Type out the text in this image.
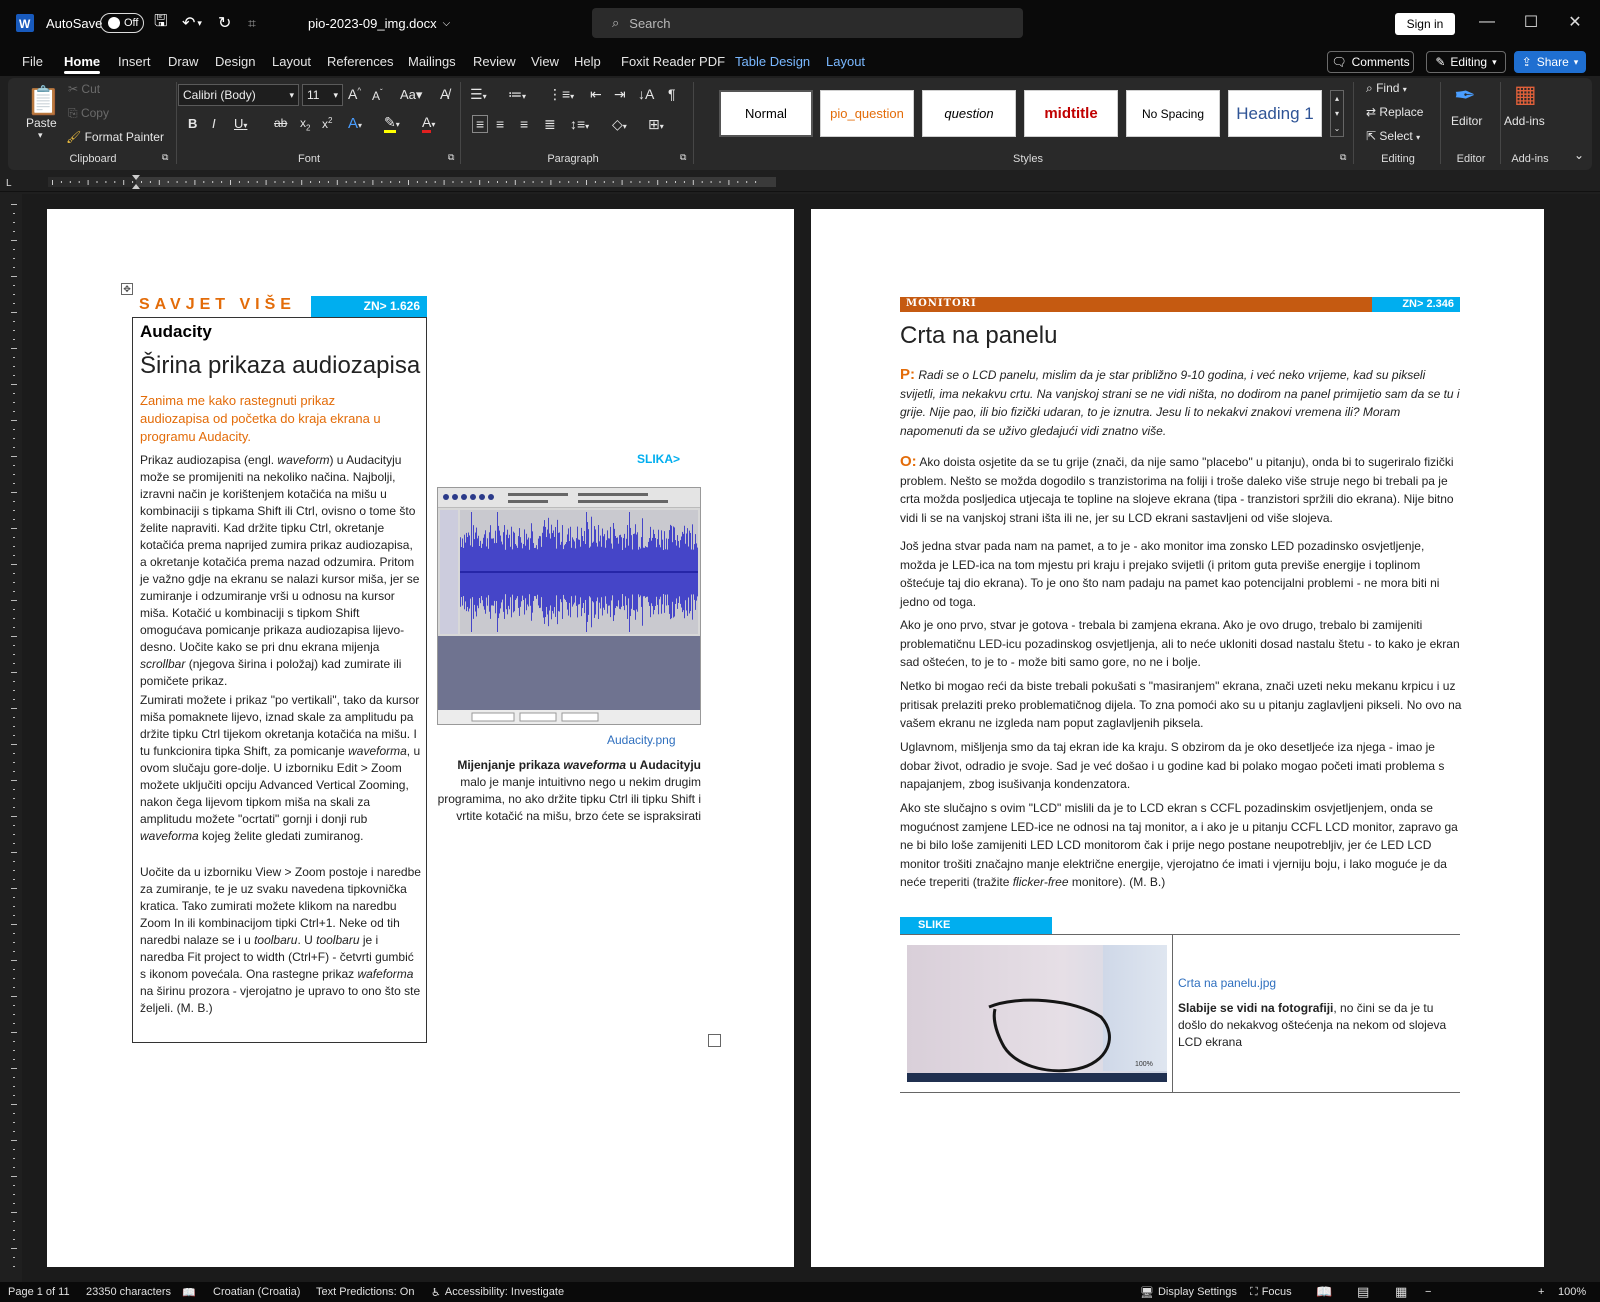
W AutoSave Off 🖫 ↶ ▾ ↻ ⌗	pio-2023-09_img.docx ⌵	⌕ Search	Sign in	— ☐ ✕
File Home Insert Draw Design Layout References Mailings Review View Help Foxit Reader PDF Table Design Layout	🗨 Comments ✎ Editing ▾ ⇪ Share ▾
📋
Paste
▾
✂ Cut
⎘ Copy
🖌 Format Painter
Clipboard	⧉
Calibri (Body)	▾ 11 ▾ A^ $A^ˇ$ Aa▾ A̸
B I U▾ ab $x_2$ $x^2$ A▾ ✎▾ A▾
Font	⧉
☰▾ ≔▾ ⋮≡▾ ⇤ ⇥ ↓A ¶
≡ ≡ ≡ ≣ ↕≡▾ ◇▾ ⊞▾
Paragraph	⧉
Normal	pio_question	question	midtitle	No Spacing	Heading 1
▴
▾
⌄
Styles	⧉
⌕ Find ▾
⇄ Replace
⇱ Select ▾
Editing
✒
Editor
Editor
▦
Add-ins
Add-ins	⌄
L
✥
SAVJET VIŠE	ZN> 1.626
Audacity
Širina prikaza audiozapisa
Zanima me kako rastegnuti prikaz audiozapisa od početka do kraja ekrana u programu Audacity.
Prikaz audiozapisa (engl. waveform) u Audacityju može se promijeniti na nekoliko načina. Najbolji, izravni način je korištenjem kotačića na mišu u kombinaciji s tipkama Shift ili Ctrl, ovisno o tome što želite napraviti. Kad držite tipku Ctrl, okretanje kotačića prema naprijed zumira prikaz audiozapisa, a okretanje kotačića prema nazad odzumira. Pritom je važno gdje na ekranu se nalazi kursor miša, jer se zumiranje i odzumiranje vrši u odnosu na kursor miša. Kotačić u kombinaciji s tipkom Shift omogućava pomicanje prikaza audiozapisa lijevo-desno. Uočite kako se pri dnu ekrana mijenja scrollbar (njegova širina i položaj) kad zumirate ili pomičete prikaz.
Zumirati možete i prikaz "po vertikali", tako da kursor miša pomaknete lijevo, iznad skale za amplitudu pa držite tipku Ctrl tijekom okretanja kotačića na mišu. I tu funkcionira tipka Shift, za pomicanje waveforma, u ovom slučaju gore-dolje. U izborniku Edit > Zoom možete uključiti opciju Advanced Vertical Zooming, nakon čega lijevom tipkom miša na skali za amplitudu možete "ocrtati" gornji i donji rub waveforma kojeg želite gledati zumiranog.
Uočite da u izborniku View > Zoom postoje i naredbe za zumiranje, te je uz svaku navedena tipkovnička kratica. Tako zumirati možete klikom na naredbu Zoom In ili kombinacijom tipki Ctrl+1. Neke od tih naredbi nalaze se i u toolbaru. U toolbaru je i naredba Fit project to width (Ctrl+F) - četvrti gumbić s ikonom povećala. Ona rastegne prikaz wafeforma na širinu prozora - vjerojatno je upravo to ono što ste željeli. (M. B.)
SLIKA>
Audacity.png
Mijenjanje prikaza waveforma u Audacityju malo je manje intuitivno nego u nekim drugim programima, no ako držite tipku Ctrl ili tipku Shift i vrtite kotačić na mišu, brzo ćete se ispraksirati
MONITORI	ZN> 2.346
Crta na panelu
P: Radi se o LCD panelu, mislim da je star približno 9-10 godina, i već neko vrijeme, kad su pikseli svijetli, ima nekakvu crtu. Na vanjskoj strani se ne vidi ništa, no dodirom na panel primijetio sam da se tu i grije. Nije pao, ili bio fizički udaran, to je iznutra. Jesu li to nekakvi znakovi vremena ili? Moram napomenuti da se uživo gledajući vidi znatno više.
O: Ako doista osjetite da se tu grije (znači, da nije samo "placebo" u pitanju), onda bi to sugeriralo fizički problem. Nešto se možda dogodilo s tranzistorima na foliji i troše daleko više struje nego bi trebali pa je crta možda posljedica utjecaja te topline na slojeve ekrana (tipa - tranzistori spržili dio ekrana). Nije bitno vidi li se na vanjskoj strani išta ili ne, jer su LCD ekrani sastavljeni od više slojeva.
Još jedna stvar pada nam na pamet, a to je - ako monitor ima zonsko LED pozadinsko osvjetljenje, možda je LED-ica na tom mjestu pri kraju i prejako svijetli (i pritom guta previše energije i toplinom oštećuje taj dio ekrana). To je ono što nam padaju na pamet kao potencijalni problemi - ne mora biti ni jedno od toga.
Ako je ono prvo, stvar je gotova - trebala bi zamjena ekrana. Ako je ovo drugo, trebalo bi zamijeniti problematičnu LED-icu pozadinskog osvjetljenja, ali to neće ukloniti dosad nastalu štetu - to kako je ekran sad oštećen, to je to - može biti samo gore, no ne i bolje.
Netko bi mogao reći da biste trebali pokušati s "masiranjem" ekrana, znači uzeti neku mekanu krpicu i uz pritisak prelaziti preko problematičnog dijela. To zna pomoći ako su u pitanju zaglavljeni pikseli. No ovo na vašem ekranu ne izgleda nam poput zaglavljenih piksela.
Uglavnom, mišljenja smo da taj ekran ide ka kraju. S obzirom da je oko desetljeće iza njega - imao je dobar život, odradio je svoje. Sad je već došao i u godine kad bi polako mogao početi imati problema s napajanjem, zbog isušivanja kondenzatora.
Ako ste slučajno s ovim "LCD" mislili da je to LCD ekran s CCFL pozadinskim osvjetljenjem, onda se mogućnost zamjene LED-ice ne odnosi na taj monitor, a i ako je u pitanju CCFL LCD monitor, zapravo ga ne bi bilo loše zamijeniti LED LCD monitorom čak i prije nego postane neupotrebljiv, jer će LED LCD monitor trošiti značajno manje električne energije, vjerojatno će imati i vjerniju boju, i lako moguće je da neće treperiti (tražite flicker-free monitore). (M. B.)
SLIKE
100%
Crta na panelu.jpg
Slabije se vidi na fotografiji, no čini se da je tu došlo do nekakvog oštećenja na nekom od slojeva LCD ekrana
Page 1 of 11 23350 characters 📖 Croatian (Croatia) Text Predictions: On ♿ Accessibility: Investigate	🖥 Display Settings ⛶ Focus 📖 ▤ ▦ −	+ 100%
